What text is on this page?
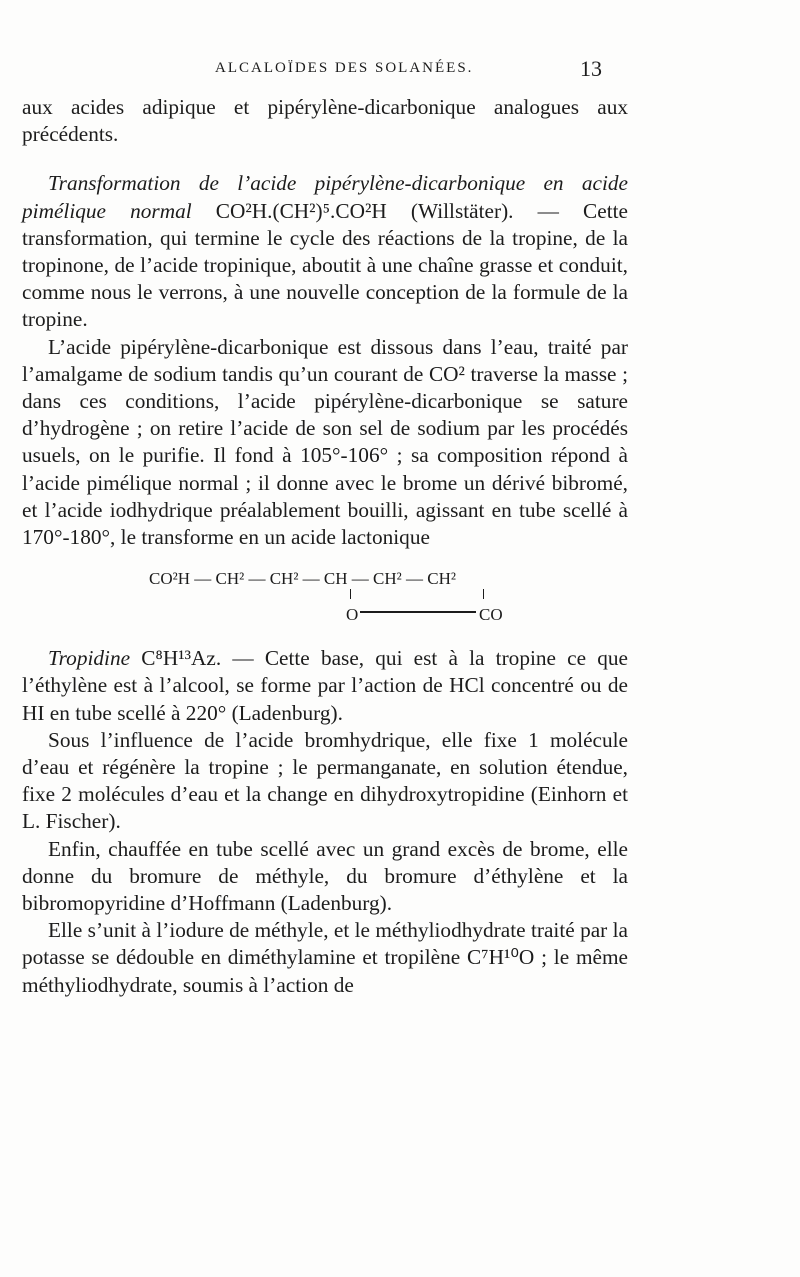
ALCALOÏDES DES SOLANÉES.	13

aux acides adipique et pipérylène-dicarbonique analogues aux précédents.

Transformation de l’acide pipérylène-dicarbonique en acide pimélique normal CO²H.(CH²)⁵.CO²H (Willstäter). — Cette transformation, qui termine le cycle des réactions de la tropine, de la tropinone, de l’acide tropinique, aboutit à une chaîne grasse et conduit, comme nous le verrons, à une nouvelle conception de la formule de la tropine.

L’acide pipérylène-dicarbonique est dissous dans l’eau, traité par l’amalgame de sodium tandis qu’un courant de CO² traverse la masse ; dans ces conditions, l’acide pipérylène-dicarbonique se sature d’hydrogène ; on retire l’acide de son sel de sodium par les procédés usuels, on le purifie. Il fond à 105°-106° ; sa composition répond à l’acide pimélique normal ; il donne avec le brome un dérivé bibromé, et l’acide iodhydrique préalablement bouilli, agissant en tube scellé à 170°-180°, le transforme en un acide lactonique

CO²H — CH² — CH² — CH — CH² — CH²
O	CO

Tropidine C⁸H¹³Az. — Cette base, qui est à la tropine ce que l’éthylène est à l’alcool, se forme par l’action de HCl concentré ou de HI en tube scellé à 220° (Ladenburg).

Sous l’influence de l’acide bromhydrique, elle fixe 1 molécule d’eau et régénère la tropine ; le permanganate, en solution étendue, fixe 2 molécules d’eau et la change en dihydroxytropidine (Einhorn et L. Fischer).

Enfin, chauffée en tube scellé avec un grand excès de brome, elle donne du bromure de méthyle, du bromure d’éthylène et la bibromopyridine d’Hoffmann (Ladenburg).

Elle s’unit à l’iodure de méthyle, et le méthyliodhydrate traité par la potasse se dédouble en diméthylamine et tropilène C⁷H¹⁰O ; le même méthyliodhydrate, soumis à l’action de
